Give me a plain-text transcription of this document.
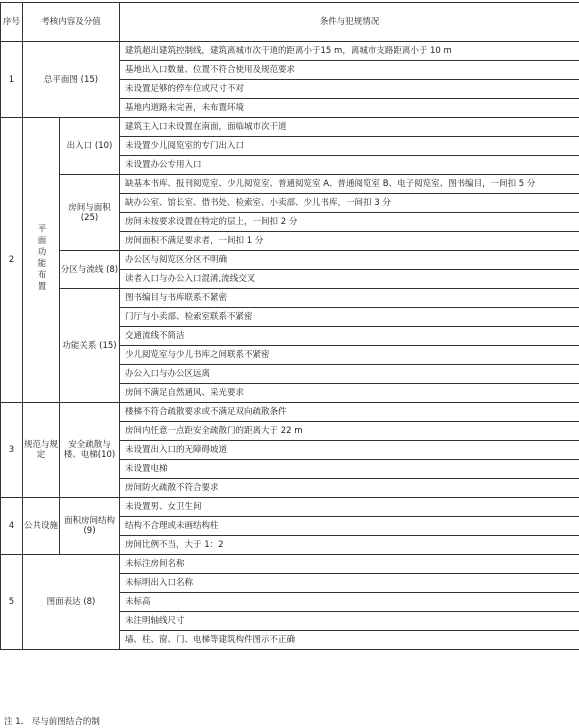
序号	考核内容及分值		条件与犯规情况
1	总平面图 (15)		建筑超出建筑控制线，建筑离城市次干道的距离小于15 m，离城市支路距离小于 10 m
			基地出入口数量、位置不符合使用及规范要求
			未设置足够的停车位或尺寸不对
			基地内道路未完善，未布置环境
2	平面功能布置	出入口 (10)	建筑主入口未设置在南面，面临城市次干道
			未设置少儿阅览室的专门出入口
			未设置办公专用入口
		房间与面积 (25)	缺基本书库、报刊阅览室、少儿阅览室、普通阅览室 A、普通阅览室 B、电子阅览室、图书编目，一间扣 5 分
			缺办公室、馆长室、借书处、检索室、小卖部、少儿书库，一间扣 3 分
			房间未按要求设置在特定的层上，一间扣 2 分
			房间面积不满足要求者，一间扣 1 分
		分区与流线 (8)	办公区与阅览区分区不明确
			读者入口与办公入口混淆,流线交叉
		功能关系 (15)	图书编目与书库联系不紧密
			门厅与小卖部、检索室联系不紧密
			交通流线不简洁
			少儿阅览室与少儿书库之间联系不紧密
			办公入口与办公区远离
			房间不满足自然通风、采光要求
3	规范与规定	安全疏散与楼、电梯(10)	楼梯不符合疏散要求或不满足双向疏散条件
			房间内任意一点距安全疏散门的距离大于 22 m
			未设置出入口的无障碍坡道
			未设置电梯
			房间防火疏散不符合要求
4	公共设施	面积房间结构 (9)	未设置男、女卫生间
			结构不合理或未画结构柱
			房间比例不当，大于 1：2
5	图面表达 (8)		未标注房间名称
			未标明出入口名称
			未标高
			未注明轴线尺寸
			墙、柱、窗、门、电梯等建筑构件图示不正确
注 1． 尽与前图结合的制
